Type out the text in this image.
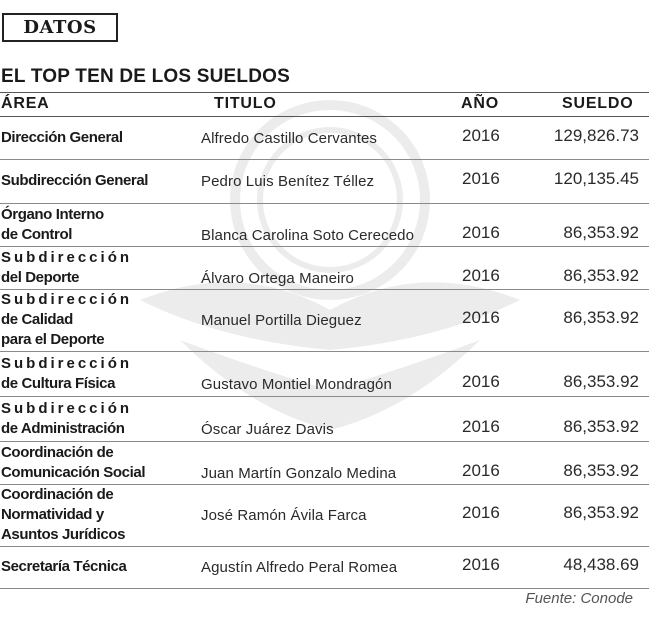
DATOS
EL TOP TEN DE LOS SUELDOS
ÁREA	TITULO	AÑO	SUELDO
Dirección General	Alfredo Castillo Cervantes	2016	129,826.73
Subdirección General	Pedro Luis Benítez Téllez	2016	120,135.45
Órgano Interno
de Control	Blanca Carolina Soto Cerecedo	2016	86,353.92
Subdirección
del Deporte	Álvaro Ortega Maneiro	2016	86,353.92
Subdirección
de Calidad
para el Deporte
Manuel Portilla Dieguez	2016	86,353.92
Subdirección
de Cultura Física	Gustavo Montiel Mondragón	2016	86,353.92
Subdirección
de Administración	Óscar Juárez Davis	2016	86,353.92
Coordinación de
Comunicación Social	Juan Martín Gonzalo Medina	2016	86,353.92
Coordinación de
Normatividad y
Asuntos Jurídicos
José Ramón Ávila Farca	2016	86,353.92
Secretaría Técnica	Agustín Alfredo Peral Romea	2016	48,438.69
Fuente: Conode
